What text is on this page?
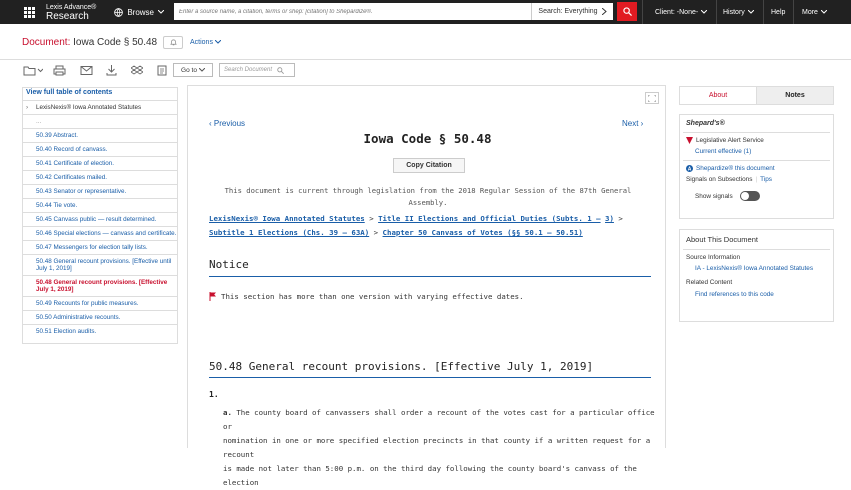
Lexis Advance®
Research	Browse
Enter a source name, a citation, terms or shep: [citation] to Shepardize®.	Search: Everything	Client: -None-	History	Help More
Document: Iowa Code § 50.48	Actions
Go to	Search Document
View full table of contents
› LexisNexis® Iowa Annotated Statutes
...
50.39 Abstract.
50.40 Record of canvass.
50.41 Certificate of election.
50.42 Certificates mailed.
50.43 Senator or representative.
50.44 Tie vote.
50.45 Canvass public — result determined.
50.46 Special elections — canvass and certificate.
50.47 Messengers for election tally lists.
50.48 General recount provisions. [Effective until July 1, 2019]
50.48 General recount provisions. [Effective July 1, 2019]
50.49 Recounts for public measures.
50.50 Administrative recounts.
50.51 Election audits.
‹ Previous	Next ›
Iowa Code § 50.48
Copy Citation
This document is current through legislation from the 2018 Regular Session of the 87th General
Assembly.
LexisNexis® Iowa Annotated Statutes > Title II Elections and Official Duties (Subts. 1 — 3) > Subtitle 1 Elections (Chs. 39 — 63A) > Chapter 50 Canvass of Votes (§§ 50.1 — 50.51)
Notice
This section has more than one version with varying effective dates.
50.48 General recount provisions. [Effective July 1, 2019]
1.
a. The county board of canvassers shall order a recount of the votes cast for a particular office or
nomination in one or more specified election precincts in that county if a written request for a recount
is made not later than 5:00 p.m. on the third day following the county board's canvass of the election
About	Notes
Shepard's®
Legislative Alert Service
Current effective (1)
A Shepardize® this document
Signals on Subsections | Tips
Show signals
About This Document
Source Information
IA - LexisNexis® Iowa Annotated Statutes
Related Content
Find references to this code
